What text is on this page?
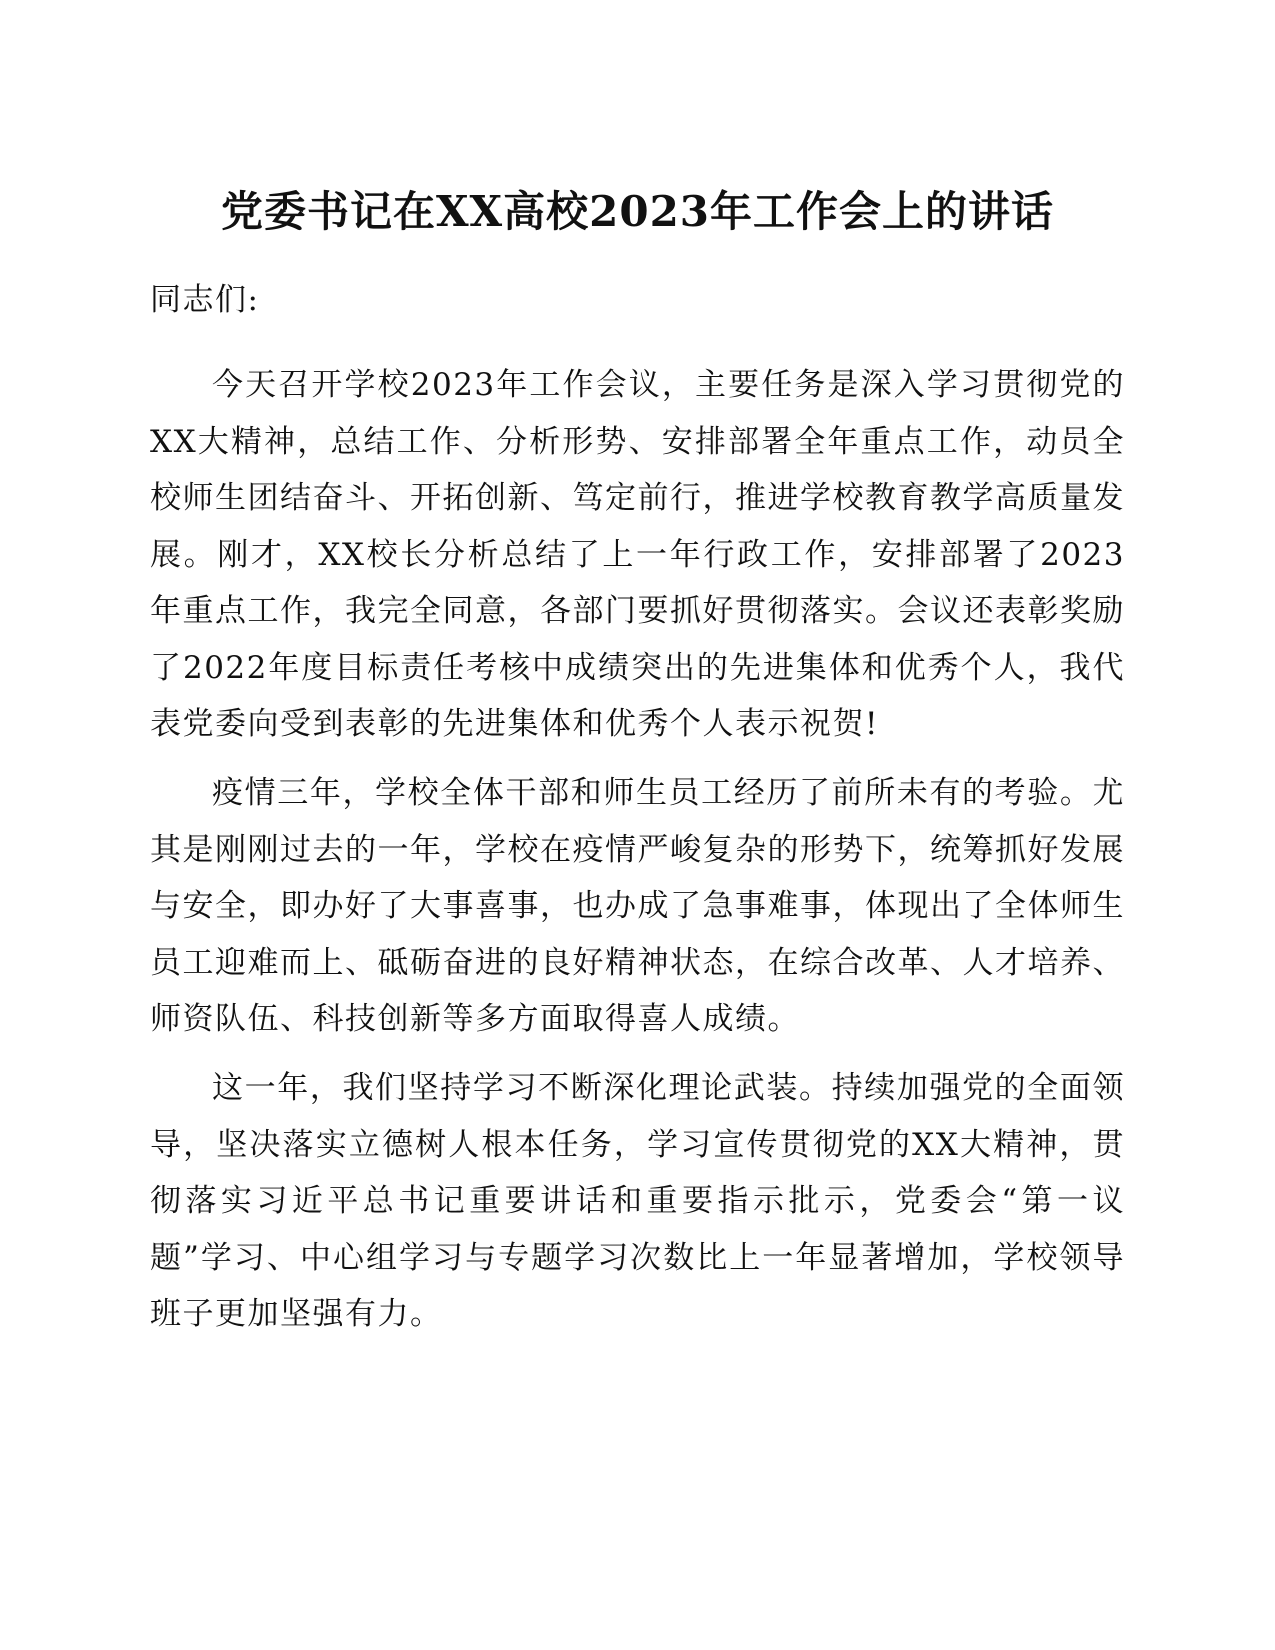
党委书记在XX高校2023年工作会上的讲话

同志们:

今天召开学校2023年工作会议，主要任务是深入学习贯彻党的XX大精神，总结工作、分析形势、安排部署全年重点工作，动员全校师生团结奋斗、开拓创新、笃定前行，推进学校教育教学高质量发展。刚才，XX校长分析总结了上一年行政工作，安排部署了2023年重点工作，我完全同意，各部门要抓好贯彻落实。会议还表彰奖励了2022年度目标责任考核中成绩突出的先进集体和优秀个人，我代表党委向受到表彰的先进集体和优秀个人表示祝贺!

疫情三年，学校全体干部和师生员工经历了前所未有的考验。尤其是刚刚过去的一年，学校在疫情严峻复杂的形势下，统筹抓好发展与安全，即办好了大事喜事，也办成了急事难事，体现出了全体师生员工迎难而上、砥砺奋进的良好精神状态，在综合改革、人才培养、师资队伍、科技创新等多方面取得喜人成绩。

这一年，我们坚持学习不断深化理论武装。持续加强党的全面领导，坚决落实立德树人根本任务，学习宣传贯彻党的XX大精神，贯彻落实习近平总书记重要讲话和重要指示批示，党委会“第一议题”学习、中心组学习与专题学习次数比上一年显著增加，学校领导班子更加坚强有力。
